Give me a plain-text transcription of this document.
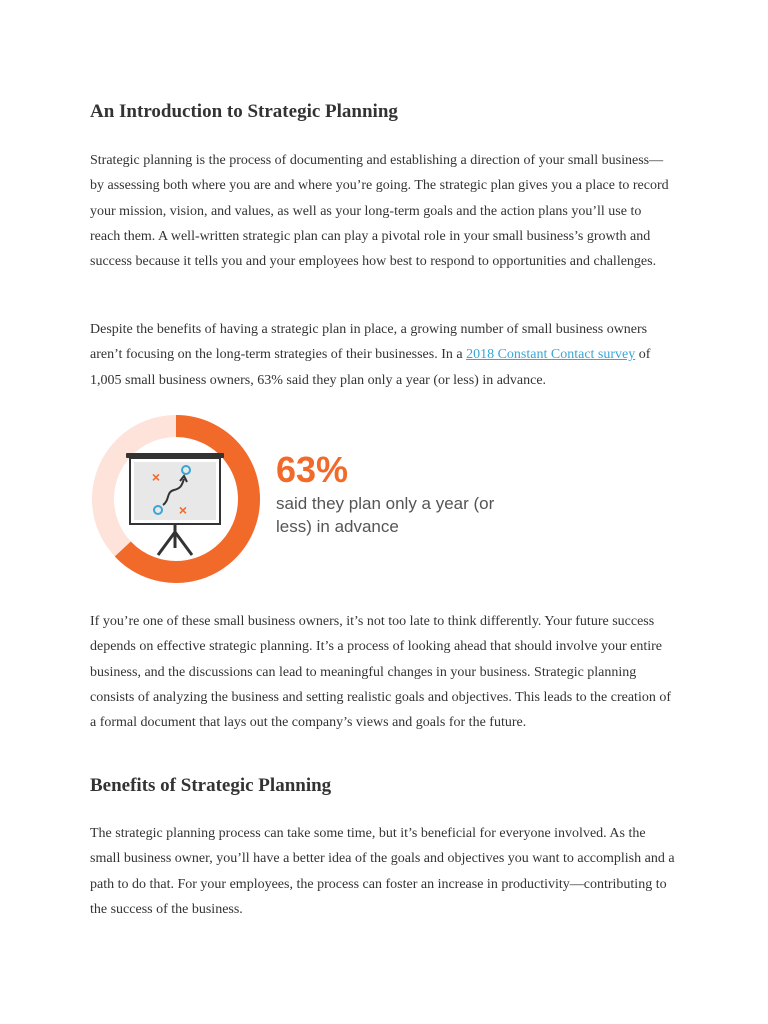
An Introduction to Strategic Planning

Strategic planning is the process of documenting and establishing a direction of your small business—by assessing both where you are and where you’re going. The strategic plan gives you a place to record your mission, vision, and values, as well as your long-term goals and the action plans you’ll use to reach them. A well-written strategic plan can play a pivotal role in your small business’s growth and success because it tells you and your employees how best to respond to opportunities and challenges.

Despite the benefits of having a strategic plan in place, a growing number of small business owners aren’t focusing on the long-term strategies of their businesses. In a 2018 Constant Contact survey of 1,005 small business owners, 63% said they plan only a year (or less) in advance.

×
×
63%
said they plan only a year (or less) in advance

If you’re one of these small business owners, it’s not too late to think differently. Your future success depends on effective strategic planning. It’s a process of looking ahead that should involve your entire business, and the discussions can lead to meaningful changes in your business. Strategic planning consists of analyzing the business and setting realistic goals and objectives. This leads to the creation of a formal document that lays out the company’s views and goals for the future.

Benefits of Strategic Planning

The strategic planning process can take some time, but it’s beneficial for everyone involved. As the small business owner, you’ll have a better idea of the goals and objectives you want to accomplish and a path to do that. For your employees, the process can foster an increase in productivity—contributing to the success of the business.
